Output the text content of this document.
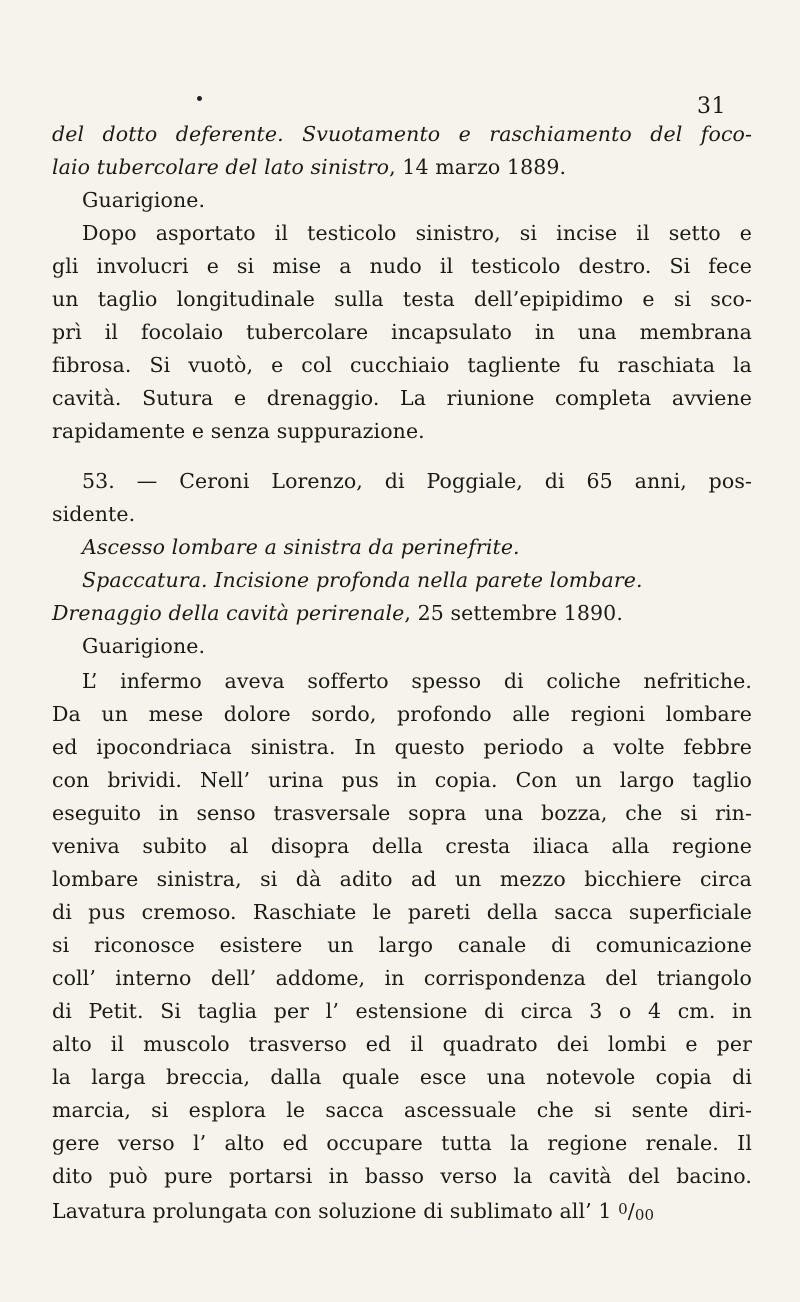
31
del dotto deferente. Svuotamento e raschiamento del foco-
laio tubercolare del lato sinistro, 14 marzo 1889.
Guarigione.
Dopo asportato il testicolo sinistro, si incise il setto e
gli involucri e si mise a nudo il testicolo destro. Si fece
un taglio longitudinale sulla testa dell’epipidimo e si sco-
prì il focolaio tubercolare incapsulato in una membrana
fibrosa. Si vuotò, e col cucchiaio tagliente fu raschiata la
cavità. Sutura e drenaggio. La riunione completa avviene
rapidamente e senza suppurazione.
53. — Ceroni Lorenzo, di Poggiale, di 65 anni, pos-
sidente.
Ascesso lombare a sinistra da perinefrite.
Spaccatura. Incisione profonda nella parete lombare.
Drenaggio della cavità perirenale, 25 settembre 1890.
Guarigione.
L’ infermo aveva sofferto spesso di coliche nefritiche.
Da un mese dolore sordo, profondo alle regioni lombare
ed ipocondriaca sinistra. In questo periodo a volte febbre
con brividi. Nell’ urina pus in copia. Con un largo taglio
eseguito in senso trasversale sopra una bozza, che si rin-
veniva subito al disopra della cresta iliaca alla regione
lombare sinistra, si dà adito ad un mezzo bicchiere circa
di pus cremoso. Raschiate le pareti della sacca superficiale
si riconosce esistere un largo canale di comunicazione
coll’ interno dell’ addome, in corrispondenza del triangolo
di Petit. Si taglia per l’ estensione di circa 3 o 4 cm. in
alto il muscolo trasverso ed il quadrato dei lombi e per
la larga breccia, dalla quale esce una notevole copia di
marcia, si esplora le sacca ascessuale che si sente diri-
gere verso l’ alto ed occupare tutta la regione renale. Il
dito può pure portarsi in basso verso la cavità del bacino.
Lavatura prolungata con soluzione di sublimato all’ 1 0/00
